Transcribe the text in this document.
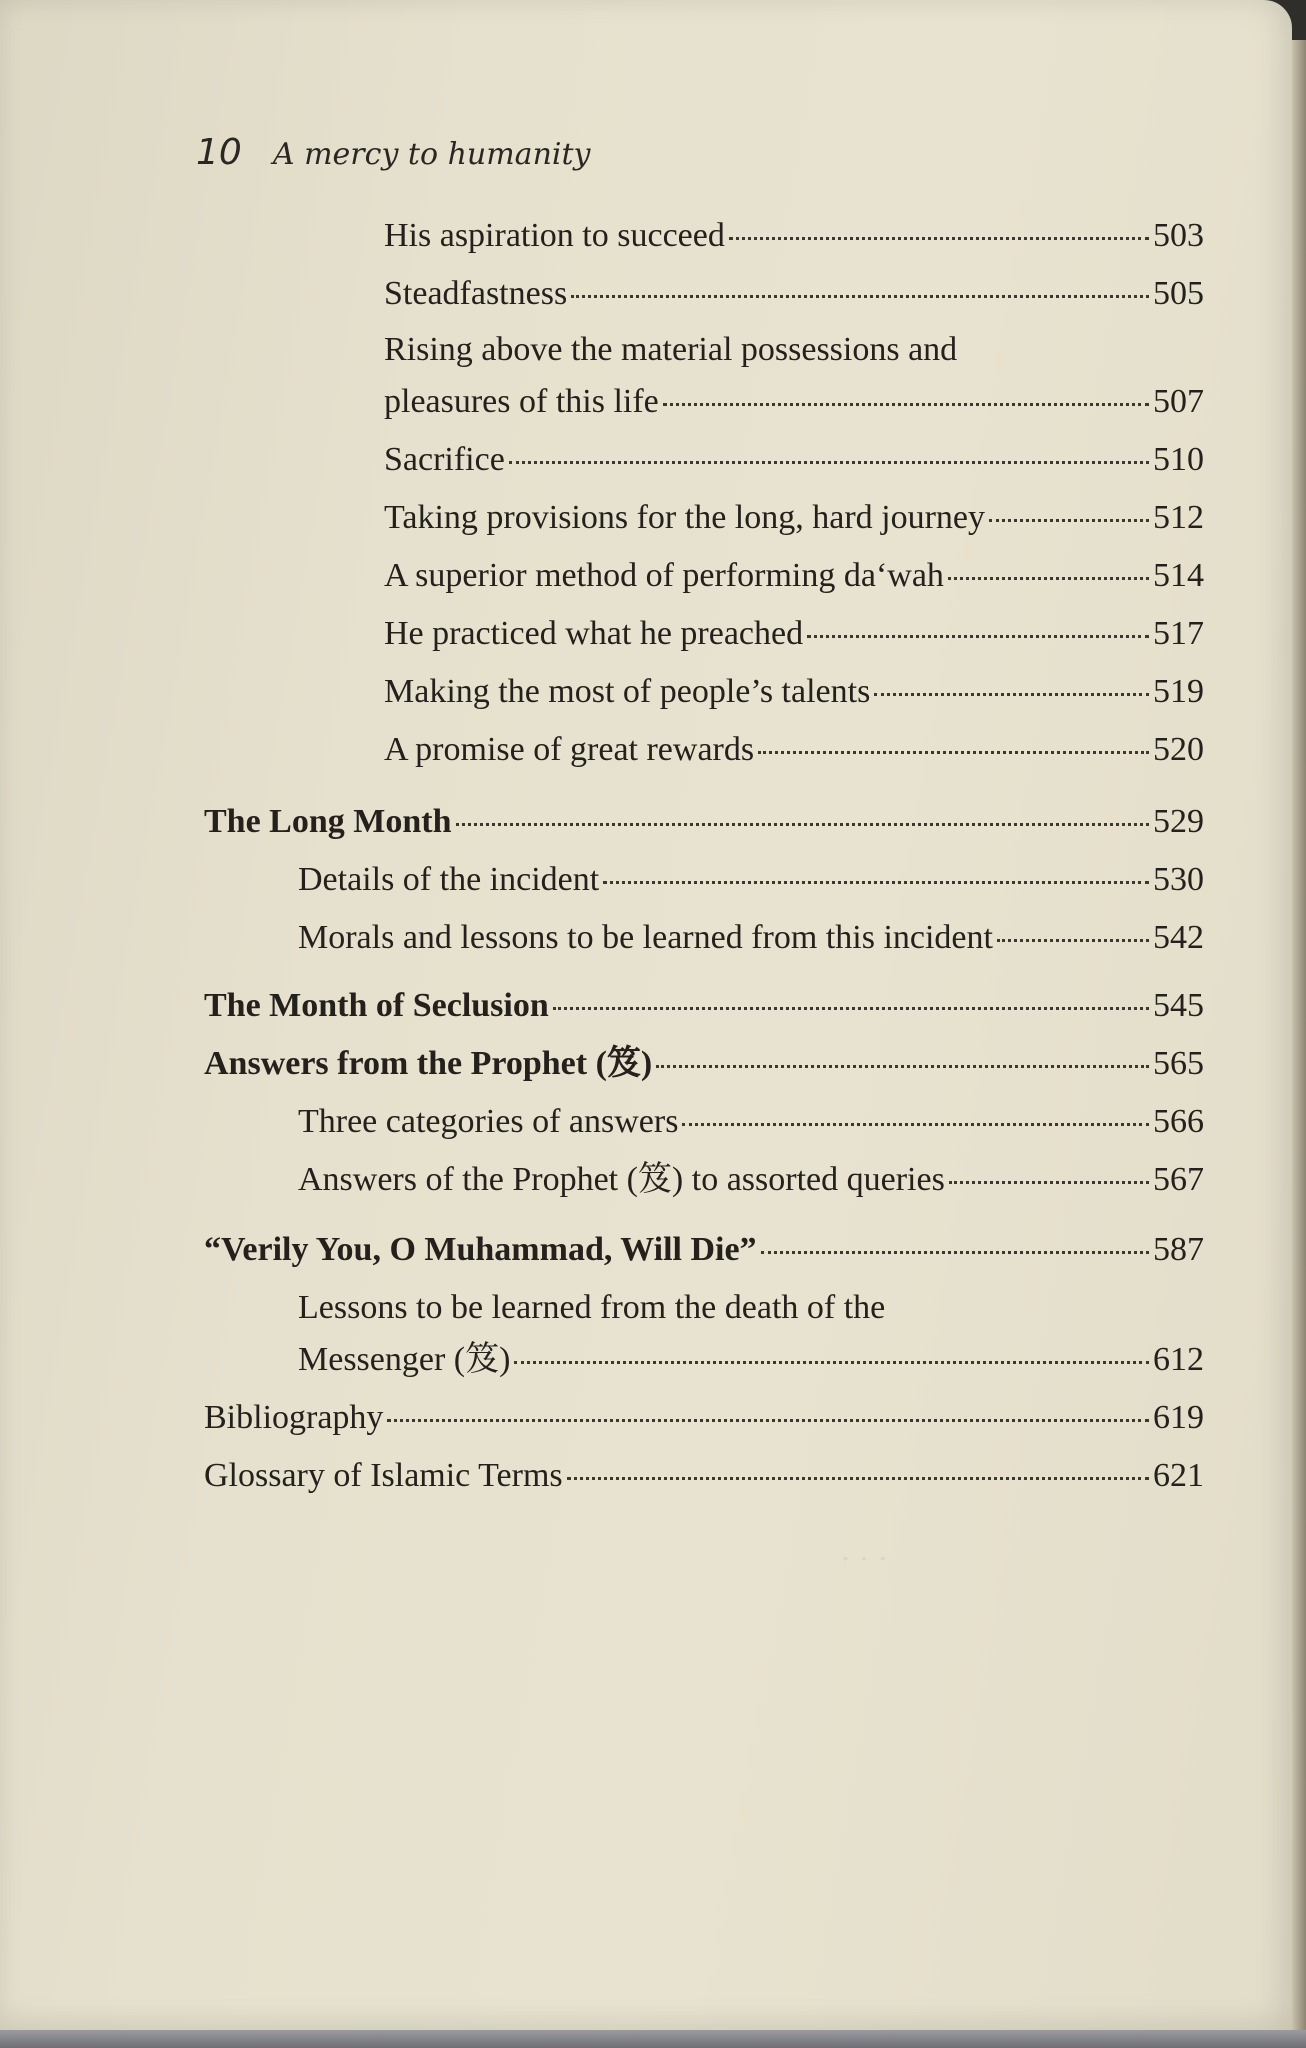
10 A mercy to humanity
· · ·
His aspiration to succeed	503
Steadfastness	505
Rising above the material possessions and
pleasures of this life	507
Sacrifice	510
Taking provisions for the long, hard journey	512
A superior method of performing da‘wah	514
He practiced what he preached	517
Making the most of people’s talents	519
A promise of great rewards	520
The Long Month	529
Details of the incident	530
Morals and lessons to be learned from this incident	542
The Month of Seclusion	545
Answers from the Prophet (笈)	565
Three categories of answers	566
Answers of the Prophet (笈) to assorted queries	567
“Verily You, O Muhammad, Will Die”	587
Lessons to be learned from the death of the
Messenger (笈)	612
Bibliography	619
Glossary of Islamic Terms	621
